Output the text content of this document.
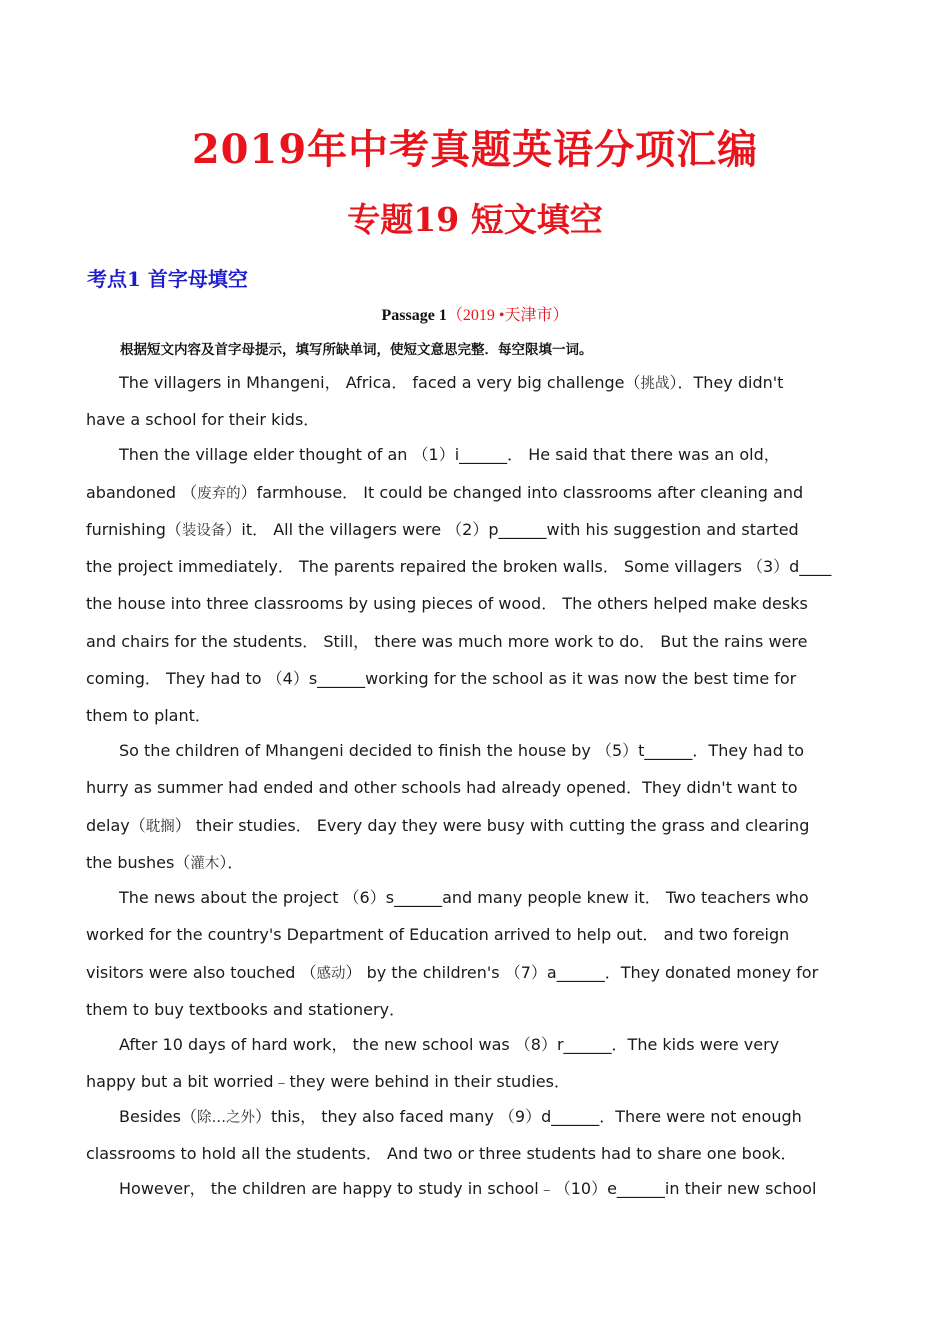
2019年中考真题英语分项汇编
专题19 短文填空
考点1 首字母填空
Passage 1（2019 •天津市）
根据短文内容及首字母提示，填写所缺单词，使短文意思完整．每空限填一词。
The villagers in Mhangeni， Africa． faced a very big challenge（挑战）．They didn't
have a school for their kids．
Then the village elder thought of an （1）i______． He said that there was an old，
abandoned （废弃的）farmhouse． It could be changed into classrooms after cleaning and
furnishing（装设备）it． All the villagers were （2）p______with his suggestion and started
the project immediately． The parents repaired the broken walls． Some villagers （3）d____
the house into three classrooms by using pieces of wood． The others helped make desks
and chairs for the students． Still， there was much more work to do． But the rains were
coming． They had to （4）s______working for the school as it was now the best time for
them to plant．
So the children of Mhangeni decided to finish the house by （5）t______．They had to
hurry as summer had ended and other schools had already opened．They didn't want to
delay（耽搁） their studies． Every day they were busy with cutting the grass and clearing
the bushes（灌木）．
The news about the project （6）s______and many people knew it． Two teachers who
worked for the country's Department of Education arrived to help out． and two foreign
visitors were also touched （感动） by the children's （7）a______．They donated money for
them to buy textbooks and stationery．
After 10 days of hard work， the new school was （8）r______．The kids were very
happy but a bit worried﹣they were behind in their studies．
Besides（除…之外）this， they also faced many （9）d______．There were not enough
classrooms to hold all the students． And two or three students had to share one book．
However， the children are happy to study in school﹣（10）e______in their new school
